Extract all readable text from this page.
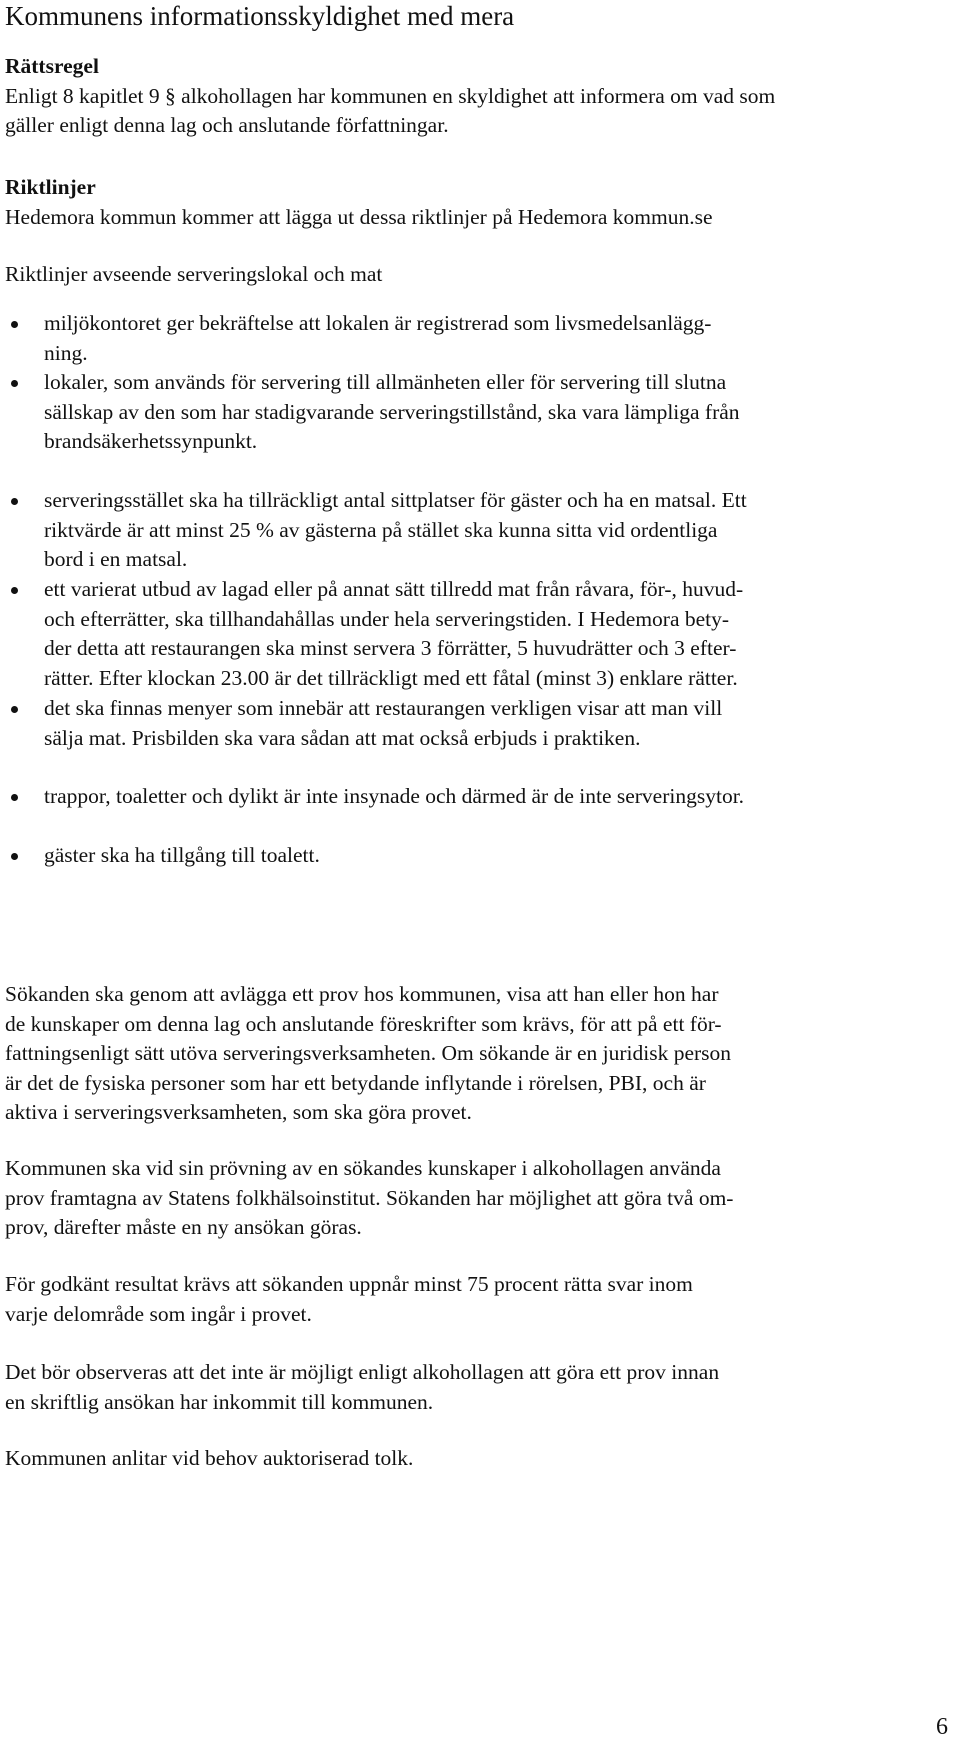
Kommunens informationsskyldighet med mera
Rättsregel
Enligt 8 kapitlet 9 § alkohollagen har kommunen en skyldighet att informera om vad som
gäller enligt denna lag och anslutande författningar.
Riktlinjer
Hedemora kommun kommer att lägga ut dessa riktlinjer på Hedemora kommun.se
Riktlinjer avseende serveringslokal och mat
miljökontoret ger bekräftelse att lokalen är registrerad som livsmedelsanlägg-
ning.
lokaler, som används för servering till allmänheten eller för servering till slutna
sällskap av den som har stadigvarande serveringstillstånd, ska vara lämpliga från
brandsäkerhetssynpunkt.
serveringsstället ska ha tillräckligt antal sittplatser för gäster och ha en matsal. Ett
riktvärde är att minst 25 % av gästerna på stället ska kunna sitta vid ordentliga
bord i en matsal.
ett varierat utbud av lagad eller på annat sätt tillredd mat från råvara, för-, huvud-
och efterrätter, ska tillhandahållas under hela serveringstiden. I Hedemora bety-
der detta att restaurangen ska minst servera 3 förrätter, 5 huvudrätter och 3 efter-
rätter. Efter klockan 23.00 är det tillräckligt med ett fåtal (minst 3) enklare rätter.
det ska finnas menyer som innebär att restaurangen verkligen visar att man vill
sälja mat. Prisbilden ska vara sådan att mat också erbjuds i praktiken.
trappor, toaletter och dylikt är inte insynade och därmed är de inte serveringsytor.
gäster ska ha tillgång till toalett.
Sökanden ska genom att avlägga ett prov hos kommunen, visa att han eller hon har
de kunskaper om denna lag och anslutande föreskrifter som krävs, för att på ett för-
fattningsenligt sätt utöva serveringsverksamheten. Om sökande är en juridisk person
är det de fysiska personer som har ett betydande inflytande i rörelsen, PBI, och är
aktiva i serveringsverksamheten, som ska göra provet.
Kommunen ska vid sin prövning av en sökandes kunskaper i alkohollagen använda
prov framtagna av Statens folkhälsoinstitut. Sökanden har möjlighet att göra två om-
prov, därefter måste en ny ansökan göras.
För godkänt resultat krävs att sökanden uppnår minst 75 procent rätta svar inom
varje delområde som ingår i provet.
Det bör observeras att det inte är möjligt enligt alkohollagen att göra ett prov innan
en skriftlig ansökan har inkommit till kommunen.
Kommunen anlitar vid behov auktoriserad tolk.
6
